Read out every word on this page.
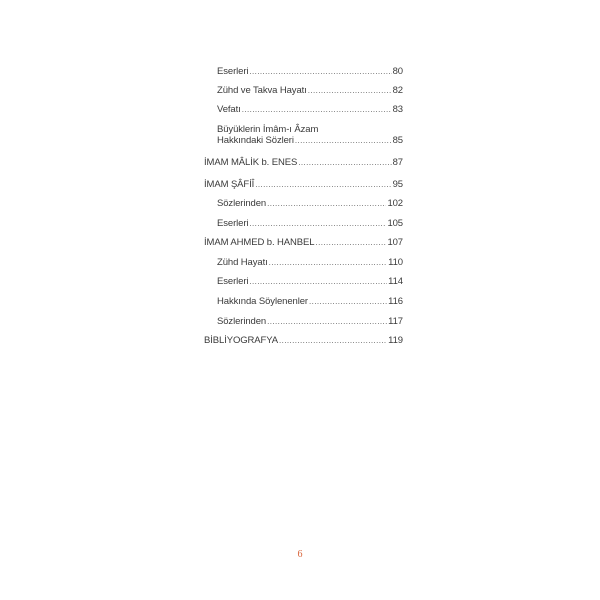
Eserleri .....	80
Zühd ve Takva Hayatı .....	82
Vefatı .....	83
Büyüklerin İmâm-ı Âzam
Hakkındaki Sözleri .....	85
İMAM MÂLİK b. ENES .....	87
İMAM ŞÂFİÎ .....	95
Sözlerinden .....	102
Eserleri .....	105
İMAM AHMED b. HANBEL .....	107
Zühd Hayatı .....	110
Eserleri .....	114
Hakkında Söylenenler .....	116
Sözlerinden .....	117
BİBLİYOGRAFYA .....	119
6
